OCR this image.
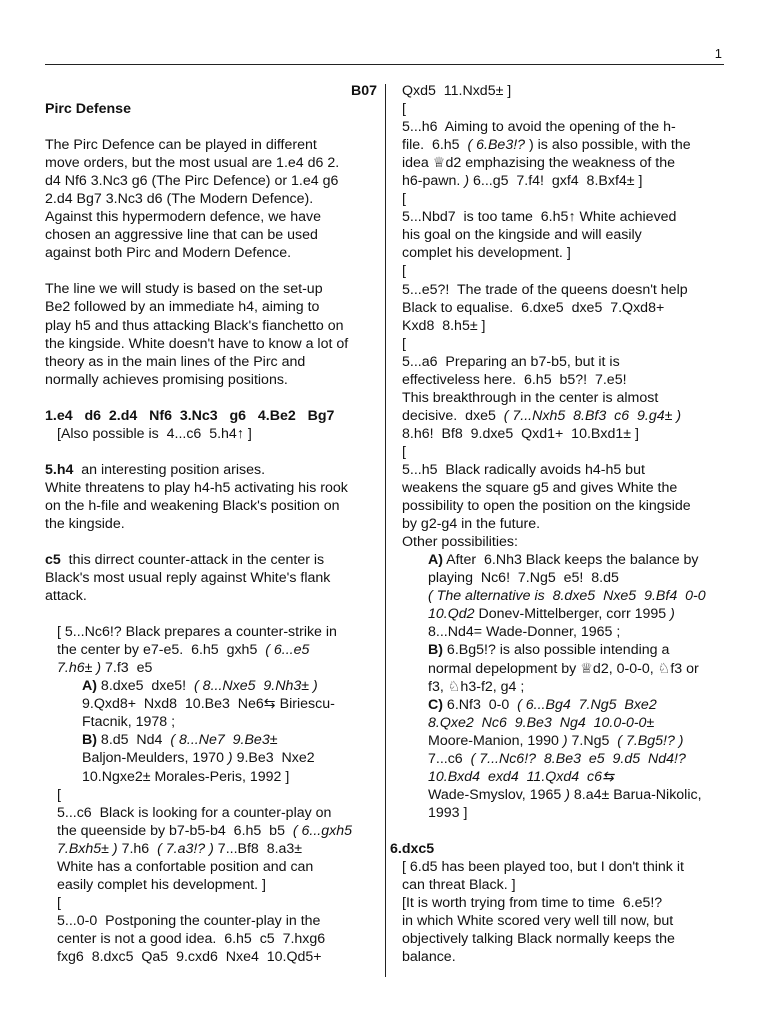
1

B07

Pirc Defense

The Pirc Defence can be played in different

move orders, but the most usual are 1.e4 d6 2.

d4 Nf6 3.Nc3 g6 (The Pirc Defence) or 1.e4 g6

2.d4 Bg7 3.Nc3 d6 (The Modern Defence).

Against this hypermodern defence, we have

chosen an aggressive line that can be used

against both Pirc and Modern Defence.

The line we will study is based on the set-up

Be2 followed by an immediate h4, aiming to

play h5 and thus attacking Black's fianchetto on

the kingside. White doesn't have to know a lot of

theory as in the main lines of the Pirc and

normally achieves promising positions.

1.e4   d6  2.d4   Nf6  3.Nc3   g6   4.Be2   Bg7

[Also possible is  4...c6  5.h4↑ ]

5.h4  an interesting position arises.

White threatens to play h4-h5 activating his rook

on the h-file and weakening Black's position on

the kingside.

c5  this dirrect counter-attack in the center is

Black's most usual reply against White's flank

attack.

[ 5...Nc6!? Black prepares a counter-strike in

the center by e7-e5.  6.h5  gxh5  ( 6...e5

7.h6± ) 7.f3  e5

A) 8.dxe5  dxe5!  ( 8...Nxe5  9.Nh3± )

9.Qxd8+  Nxd8  10.Be3  Ne6⇆ Biriescu-

Ftacnik, 1978 ;

B) 8.d5  Nd4  ( 8...Ne7  9.Be3±

Baljon-Meulders, 1970 ) 9.Be3  Nxe2

10.Ngxe2± Morales-Peris, 1992 ]

[

5...c6  Black is looking for a counter-play on

the queenside by b7-b5-b4  6.h5  b5  ( 6...gxh5

7.Bxh5± ) 7.h6  ( 7.a3!? ) 7...Bf8  8.a3±

White has a confortable position and can

easily complet his development. ]

[

5...0-0  Postponing the counter-play in the

center is not a good idea.  6.h5  c5  7.hxg6

fxg6  8.dxc5  Qa5  9.cxd6  Nxe4  10.Qd5+

Qxd5  11.Nxd5± ]

[

5...h6  Aiming to avoid the opening of the h-

file.  6.h5  ( 6.Be3!? ) is also possible, with the

idea ♕d2 emphazising the weakness of the

h6-pawn. ) 6...g5  7.f4!  gxf4  8.Bxf4± ]

[

5...Nbd7  is too tame  6.h5↑ White achieved

his goal on the kingside and will easily

complet his development. ]

[

5...e5?!  The trade of the queens doesn't help

Black to equalise.  6.dxe5  dxe5  7.Qxd8+

Kxd8  8.h5± ]

[

5...a6  Preparing an b7-b5, but it is

effectiveless here.  6.h5  b5?!  7.e5!

This breakthrough in the center is almost

decisive.  dxe5  ( 7...Nxh5  8.Bf3  c6  9.g4± )

8.h6!  Bf8  9.dxe5  Qxd1+  10.Bxd1± ]

[

5...h5  Black radically avoids h4-h5 but

weakens the square g5 and gives White the

possibility to open the position on the kingside

by g2-g4 in the future.

Other possibilities:

A) After  6.Nh3 Black keeps the balance by

playing  Nc6!  7.Ng5  e5!  8.d5

( The alternative is  8.dxe5  Nxe5  9.Bf4  0-0

10.Qd2 Donev-Mittelberger, corr 1995 )

8...Nd4= Wade-Donner, 1965 ;

B) 6.Bg5!? is also possible intending a

normal depelopment by ♕d2, 0-0-0, ♘f3 or

f3, ♘h3-f2, g4 ;

C) 6.Nf3  0-0  ( 6...Bg4  7.Ng5  Bxe2

8.Qxe2  Nc6  9.Be3  Ng4  10.0-0-0±

Moore-Manion, 1990 ) 7.Ng5  ( 7.Bg5!? )

7...c6  ( 7...Nc6!?  8.Be3  e5  9.d5  Nd4!?

10.Bxd4  exd4  11.Qxd4  c6⇆

Wade-Smyslov, 1965 ) 8.a4± Barua-Nikolic,

1993 ]

6.dxc5

[ 6.d5 has been played too, but I don't think it

can threat Black. ]

[It is worth trying from time to time  6.e5!?

in which White scored very well till now, but

objectively talking Black normally keeps the

balance.
